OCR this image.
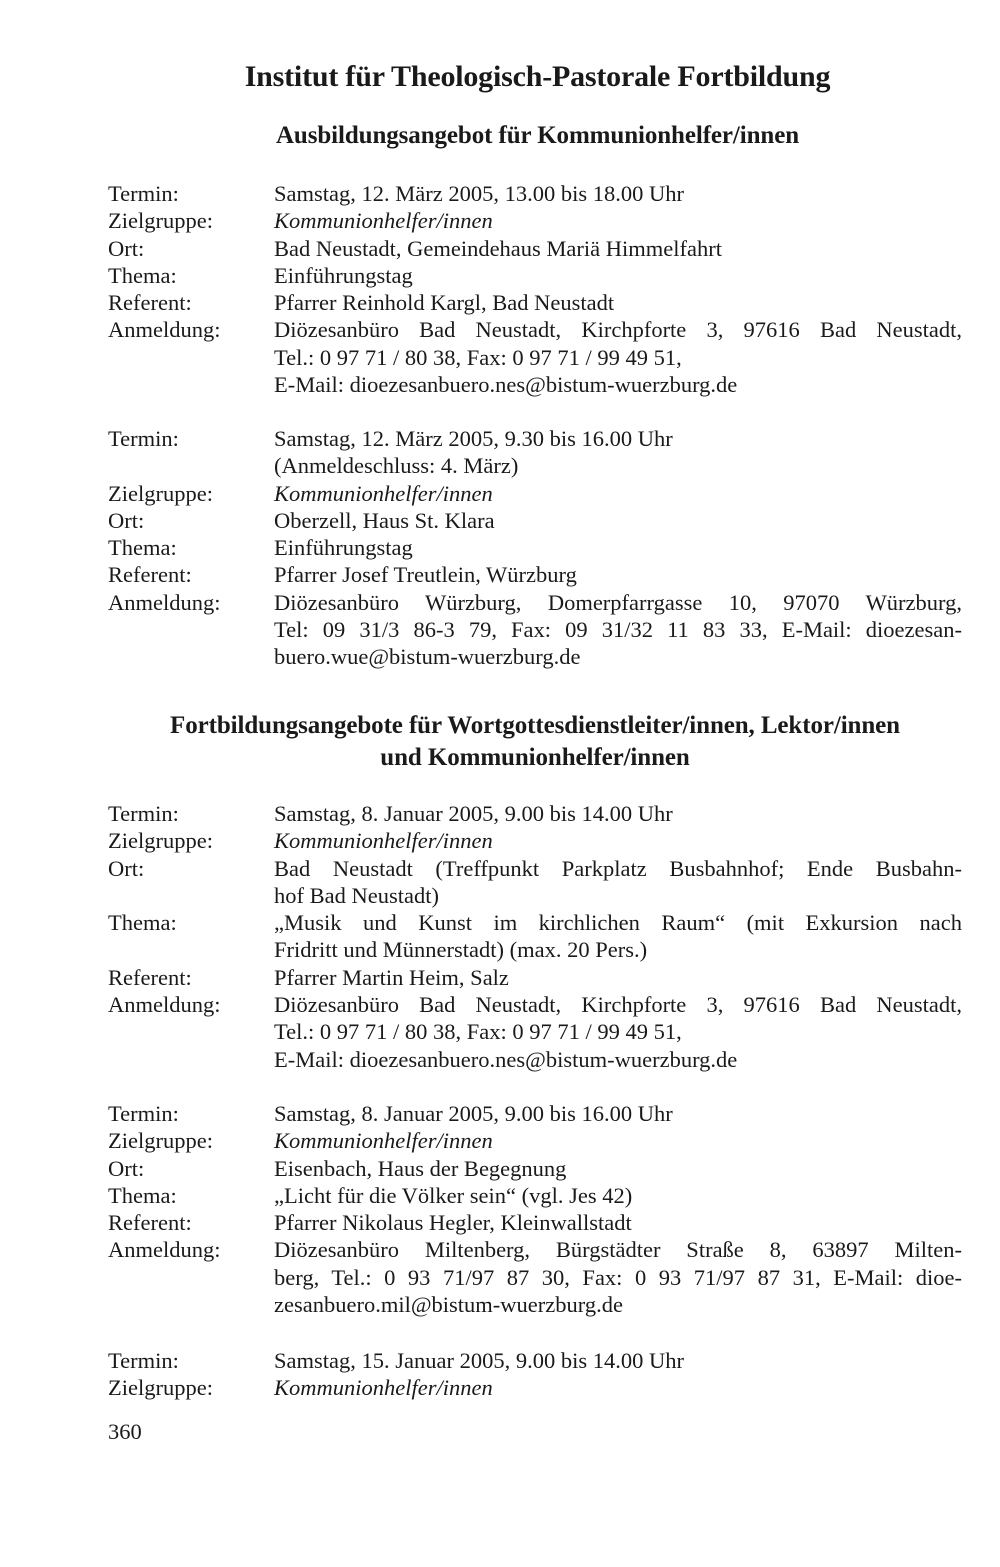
Institut für Theologisch-Pastorale Fortbildung
Ausbildungsangebot für Kommunionhelfer/innen
Termin:	Samstag, 12. März 2005, 13.00 bis 18.00 Uhr
Zielgruppe:	Kommunionhelfer/innen
Ort:	Bad Neustadt, Gemeindehaus Mariä Himmelfahrt
Thema:	Einführungstag
Referent:	Pfarrer Reinhold Kargl, Bad Neustadt
Anmeldung:	Diözesanbüro Bad Neustadt, Kirchpforte 3, 97616 Bad Neustadt,
Tel.: 0 97 71 / 80 38, Fax: 0 97 71 / 99 49 51,
E-Mail: dioezesanbuero.nes@bistum-wuerzburg.de
Termin:	Samstag, 12. März 2005, 9.30 bis 16.00 Uhr
(Anmeldeschluss: 4. März)
Zielgruppe:	Kommunionhelfer/innen
Ort:	Oberzell, Haus St. Klara
Thema:	Einführungstag
Referent:	Pfarrer Josef Treutlein, Würzburg
Anmeldung:	Diözesanbüro Würzburg, Domerpfarrgasse 10, 97070 Würzburg,
Tel: 09 31/3 86-3 79, Fax: 09 31/32 11 83 33, E-Mail: dioezesan-
buero.wue@bistum-wuerzburg.de
Fortbildungsangebote für Wortgottesdienstleiter/innen, Lektor/innen
und Kommunionhelfer/innen
Termin:	Samstag, 8. Januar 2005, 9.00 bis 14.00 Uhr
Zielgruppe:	Kommunionhelfer/innen
Ort:	Bad Neustadt (Treffpunkt Parkplatz Busbahnhof; Ende Busbahn-
hof Bad Neustadt)
Thema:	„Musik und Kunst im kirchlichen Raum“ (mit Exkursion nach
Fridritt und Münnerstadt) (max. 20 Pers.)
Referent:	Pfarrer Martin Heim, Salz
Anmeldung:	Diözesanbüro Bad Neustadt, Kirchpforte 3, 97616 Bad Neustadt,
Tel.: 0 97 71 / 80 38, Fax: 0 97 71 / 99 49 51,
E-Mail: dioezesanbuero.nes@bistum-wuerzburg.de
Termin:	Samstag, 8. Januar 2005, 9.00 bis 16.00 Uhr
Zielgruppe:	Kommunionhelfer/innen
Ort:	Eisenbach, Haus der Begegnung
Thema:	„Licht für die Völker sein“ (vgl. Jes 42)
Referent:	Pfarrer Nikolaus Hegler, Kleinwallstadt
Anmeldung:	Diözesanbüro Miltenberg, Bürgstädter Straße 8, 63897 Milten-
berg, Tel.: 0 93 71/97 87 30, Fax: 0 93 71/97 87 31, E-Mail: dioe-
zesanbuero.mil@bistum-wuerzburg.de
Termin:	Samstag, 15. Januar 2005, 9.00 bis 14.00 Uhr
Zielgruppe:	Kommunionhelfer/innen
360
